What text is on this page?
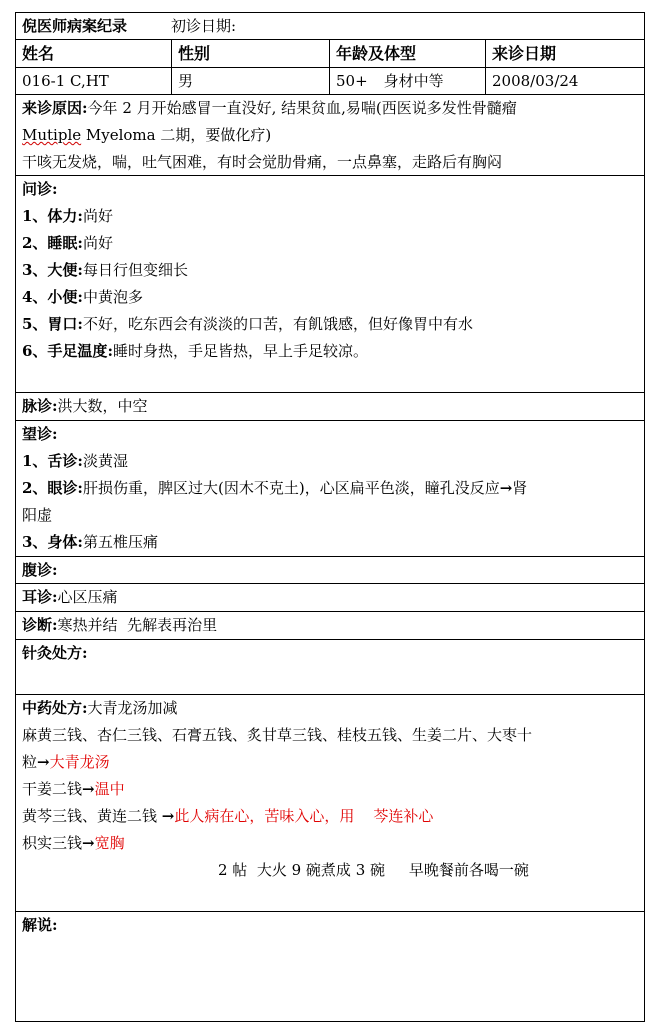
倪医师病案纪录	初诊日期:
姓名	性别	年龄及体型	来诊日期
016-1 C,HT	男	50+ 身材中等	2008/03/24
来诊原因:今年 2 月开始感冒一直没好, 结果贫血,易喘(西医说多发性骨髓瘤
Mutiple Myeloma 二期，要做化疗)
干咳无发烧，喘，吐气困难，有时会觉肋骨痛，一点鼻塞，走路后有胸闷
问诊:
1、体力:尚好
2、睡眠:尚好
3、大便:每日行但变细长
4、小便:中黄泡多
5、胃口:不好，吃东西会有淡淡的口苦，有飢饿感，但好像胃中有水
6、手足温度:睡时身热，手足皆热，早上手足较凉。
脉诊:洪大数，中空
望诊:
1、舌诊:淡黄湿
2、眼诊:肝损伤重，脾区过大(因木不克土)，心区扁平色淡，瞳孔没反应→肾
阳虚
3、身体:第五椎压痛
腹诊:
耳诊:心区压痛
诊断:寒热并结  先解表再治里
针灸处方:
中药处方:大青龙汤加减
麻黄三钱、杏仁三钱、石膏五钱、炙甘草三钱、桂枝五钱、生姜二片、大枣十
粒→大青龙汤
干姜二钱→温中
黄芩三钱、黄连二钱 →此人病在心，苦味入心，用    芩连补心
枳实三钱→宽胸
2 帖  大火 9 碗煮成 3 碗     早晚餐前各喝一碗
解说:
